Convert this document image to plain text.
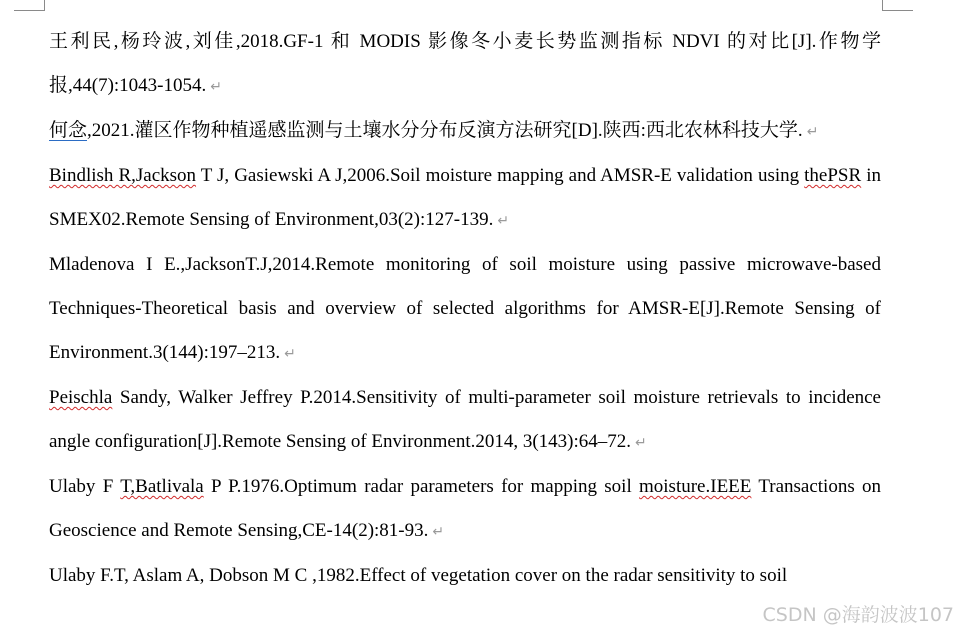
王利民,杨玲波,刘佳,2018.GF-1 和 MODIS 影像冬小麦长势监测指标 NDVI 的对比[J].作物学报,44(7):1043-1054. ↵

何念,2021.灌区作物种植遥感监测与土壤水分分布反演方法研究[D].陕西:西北农林科技大学. ↵

Bindlish R,Jackson T J, Gasiewski A J,2006.Soil moisture mapping and AMSR-E validation using thePSR in SMEX02.Remote Sensing of Environment,03(2):127-139. ↵

Mladenova I E.,JacksonT.J,2014.Remote monitoring of soil moisture using passive microwave-based Techniques-Theoretical basis and overview of selected algorithms for AMSR-E[J].Remote Sensing of Environment.3(144):197–213. ↵

Peischla Sandy, Walker Jeffrey P.2014.Sensitivity of multi-parameter soil moisture retrievals to incidence angle configuration[J].Remote Sensing of Environment.2014, 3(143):64–72. ↵

Ulaby F T,Batlivala P P.1976.Optimum radar parameters for mapping soil moisture.IEEE Transactions on Geoscience and Remote Sensing,CE-14(2):81-93. ↵

Ulaby F.T, Aslam A, Dobson M C ,1982.Effect of vegetation cover on the radar sensitivity to soil

CSDN @海韵波波107
